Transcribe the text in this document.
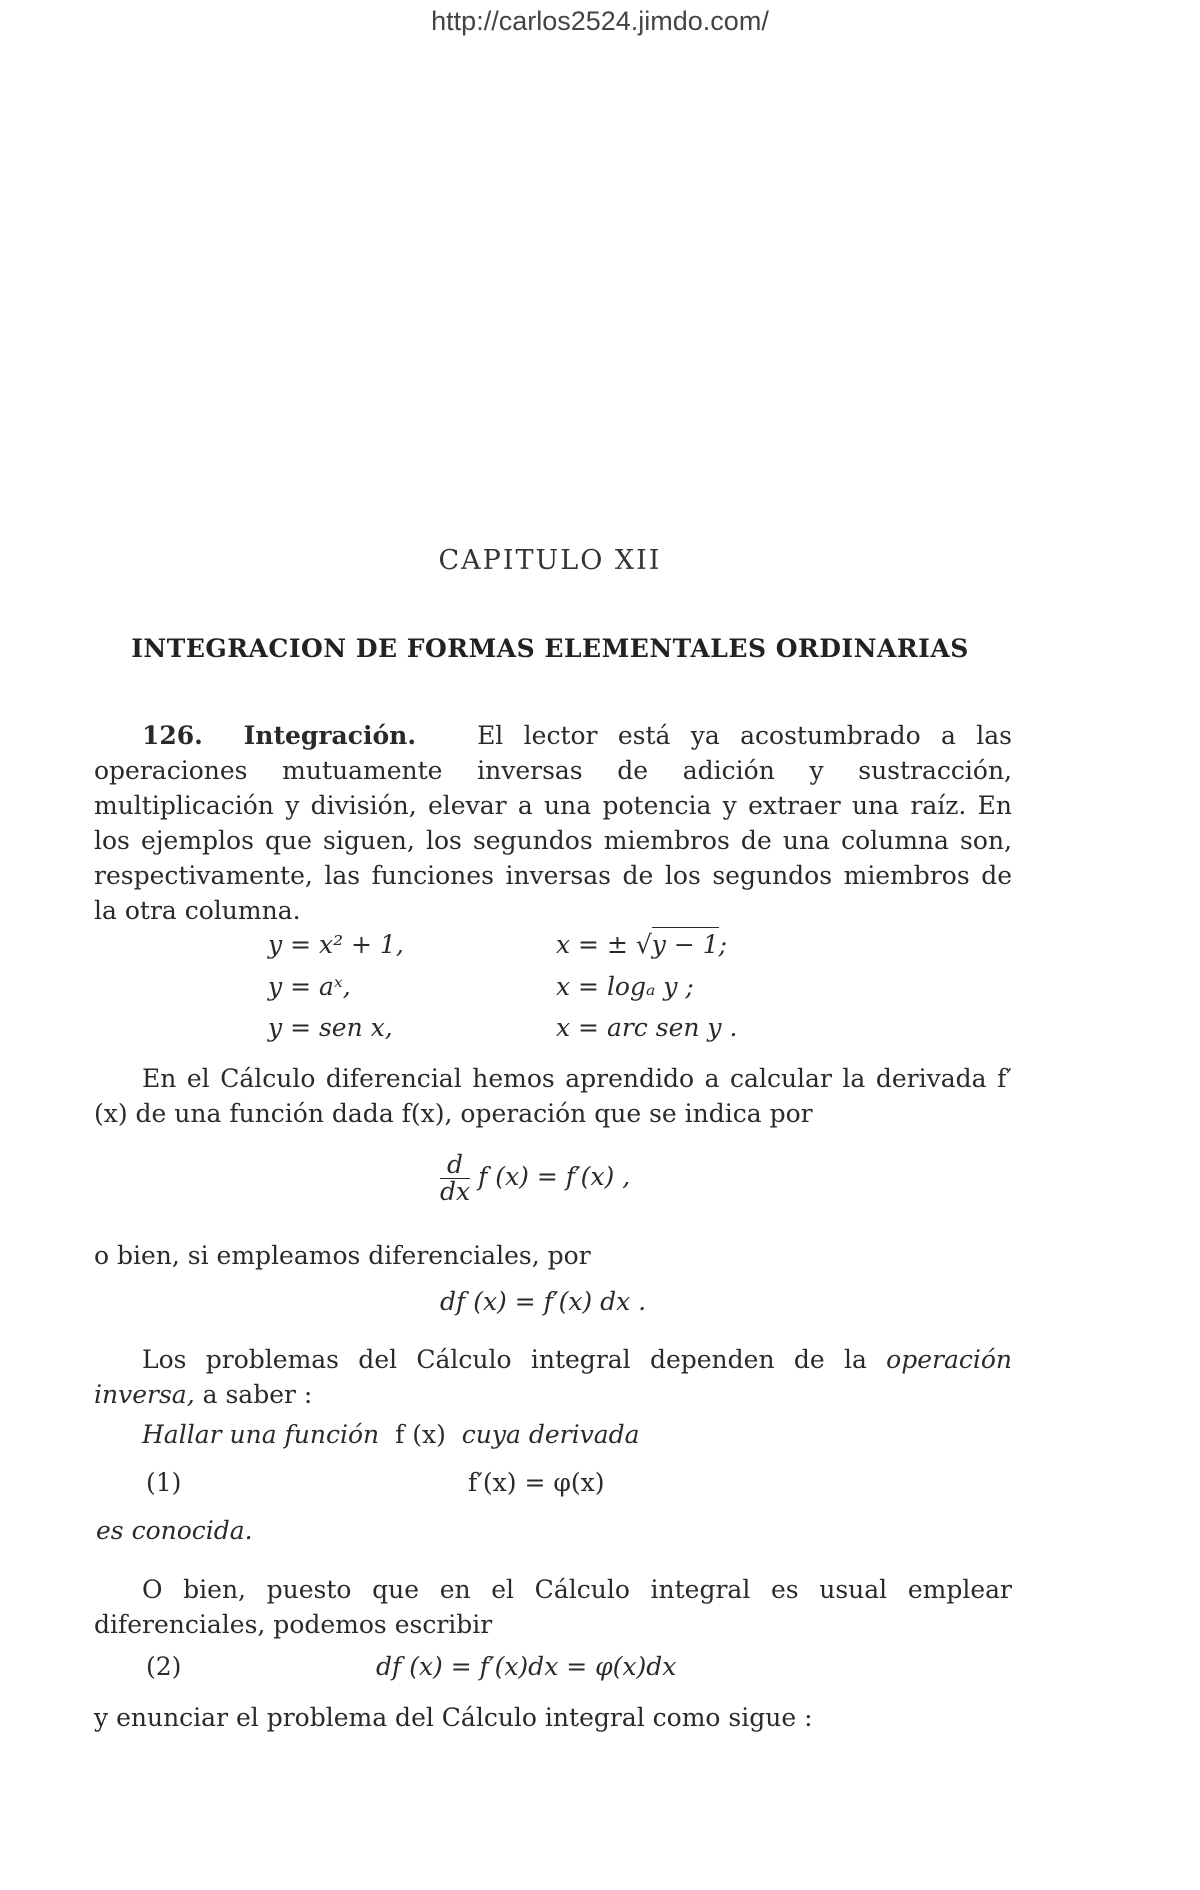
http://carlos2524.jimdo.com/
CAPITULO XII
INTEGRACION DE FORMAS ELEMENTALES ORDINARIAS
126. Integración. El lector está ya acostumbrado a las operaciones mutuamente inversas de adición y sustracción, multiplicación y división, elevar a una potencia y extraer una raíz. En los ejemplos que siguen, los segundos miembros de una columna son, respectivamente, las funciones inversas de los segundos miembros de la otra columna.
y = x² + 1,	x = ± √y − 1;
y = aˣ,	x = logₐ y ;
y = sen x,	x = arc sen y .
En el Cálculo diferencial hemos aprendido a calcular la derivada f′(x) de una función dada f(x), operación que se indica por
$\frac{d}{dx}$ f (x) = f′(x) ,
o bien, si empleamos diferenciales, por
df (x) = f′(x) dx .
Los problemas del Cálculo integral dependen de la operación inversa, a saber :
Hallar una función f (x) cuya derivada
(1)	f′(x) = φ(x)
es conocida.
O bien, puesto que en el Cálculo integral es usual emplear diferenciales, podemos escribir
(2)	df (x) = f′(x)dx = φ(x)dx
y enunciar el problema del Cálculo integral como sigue :
